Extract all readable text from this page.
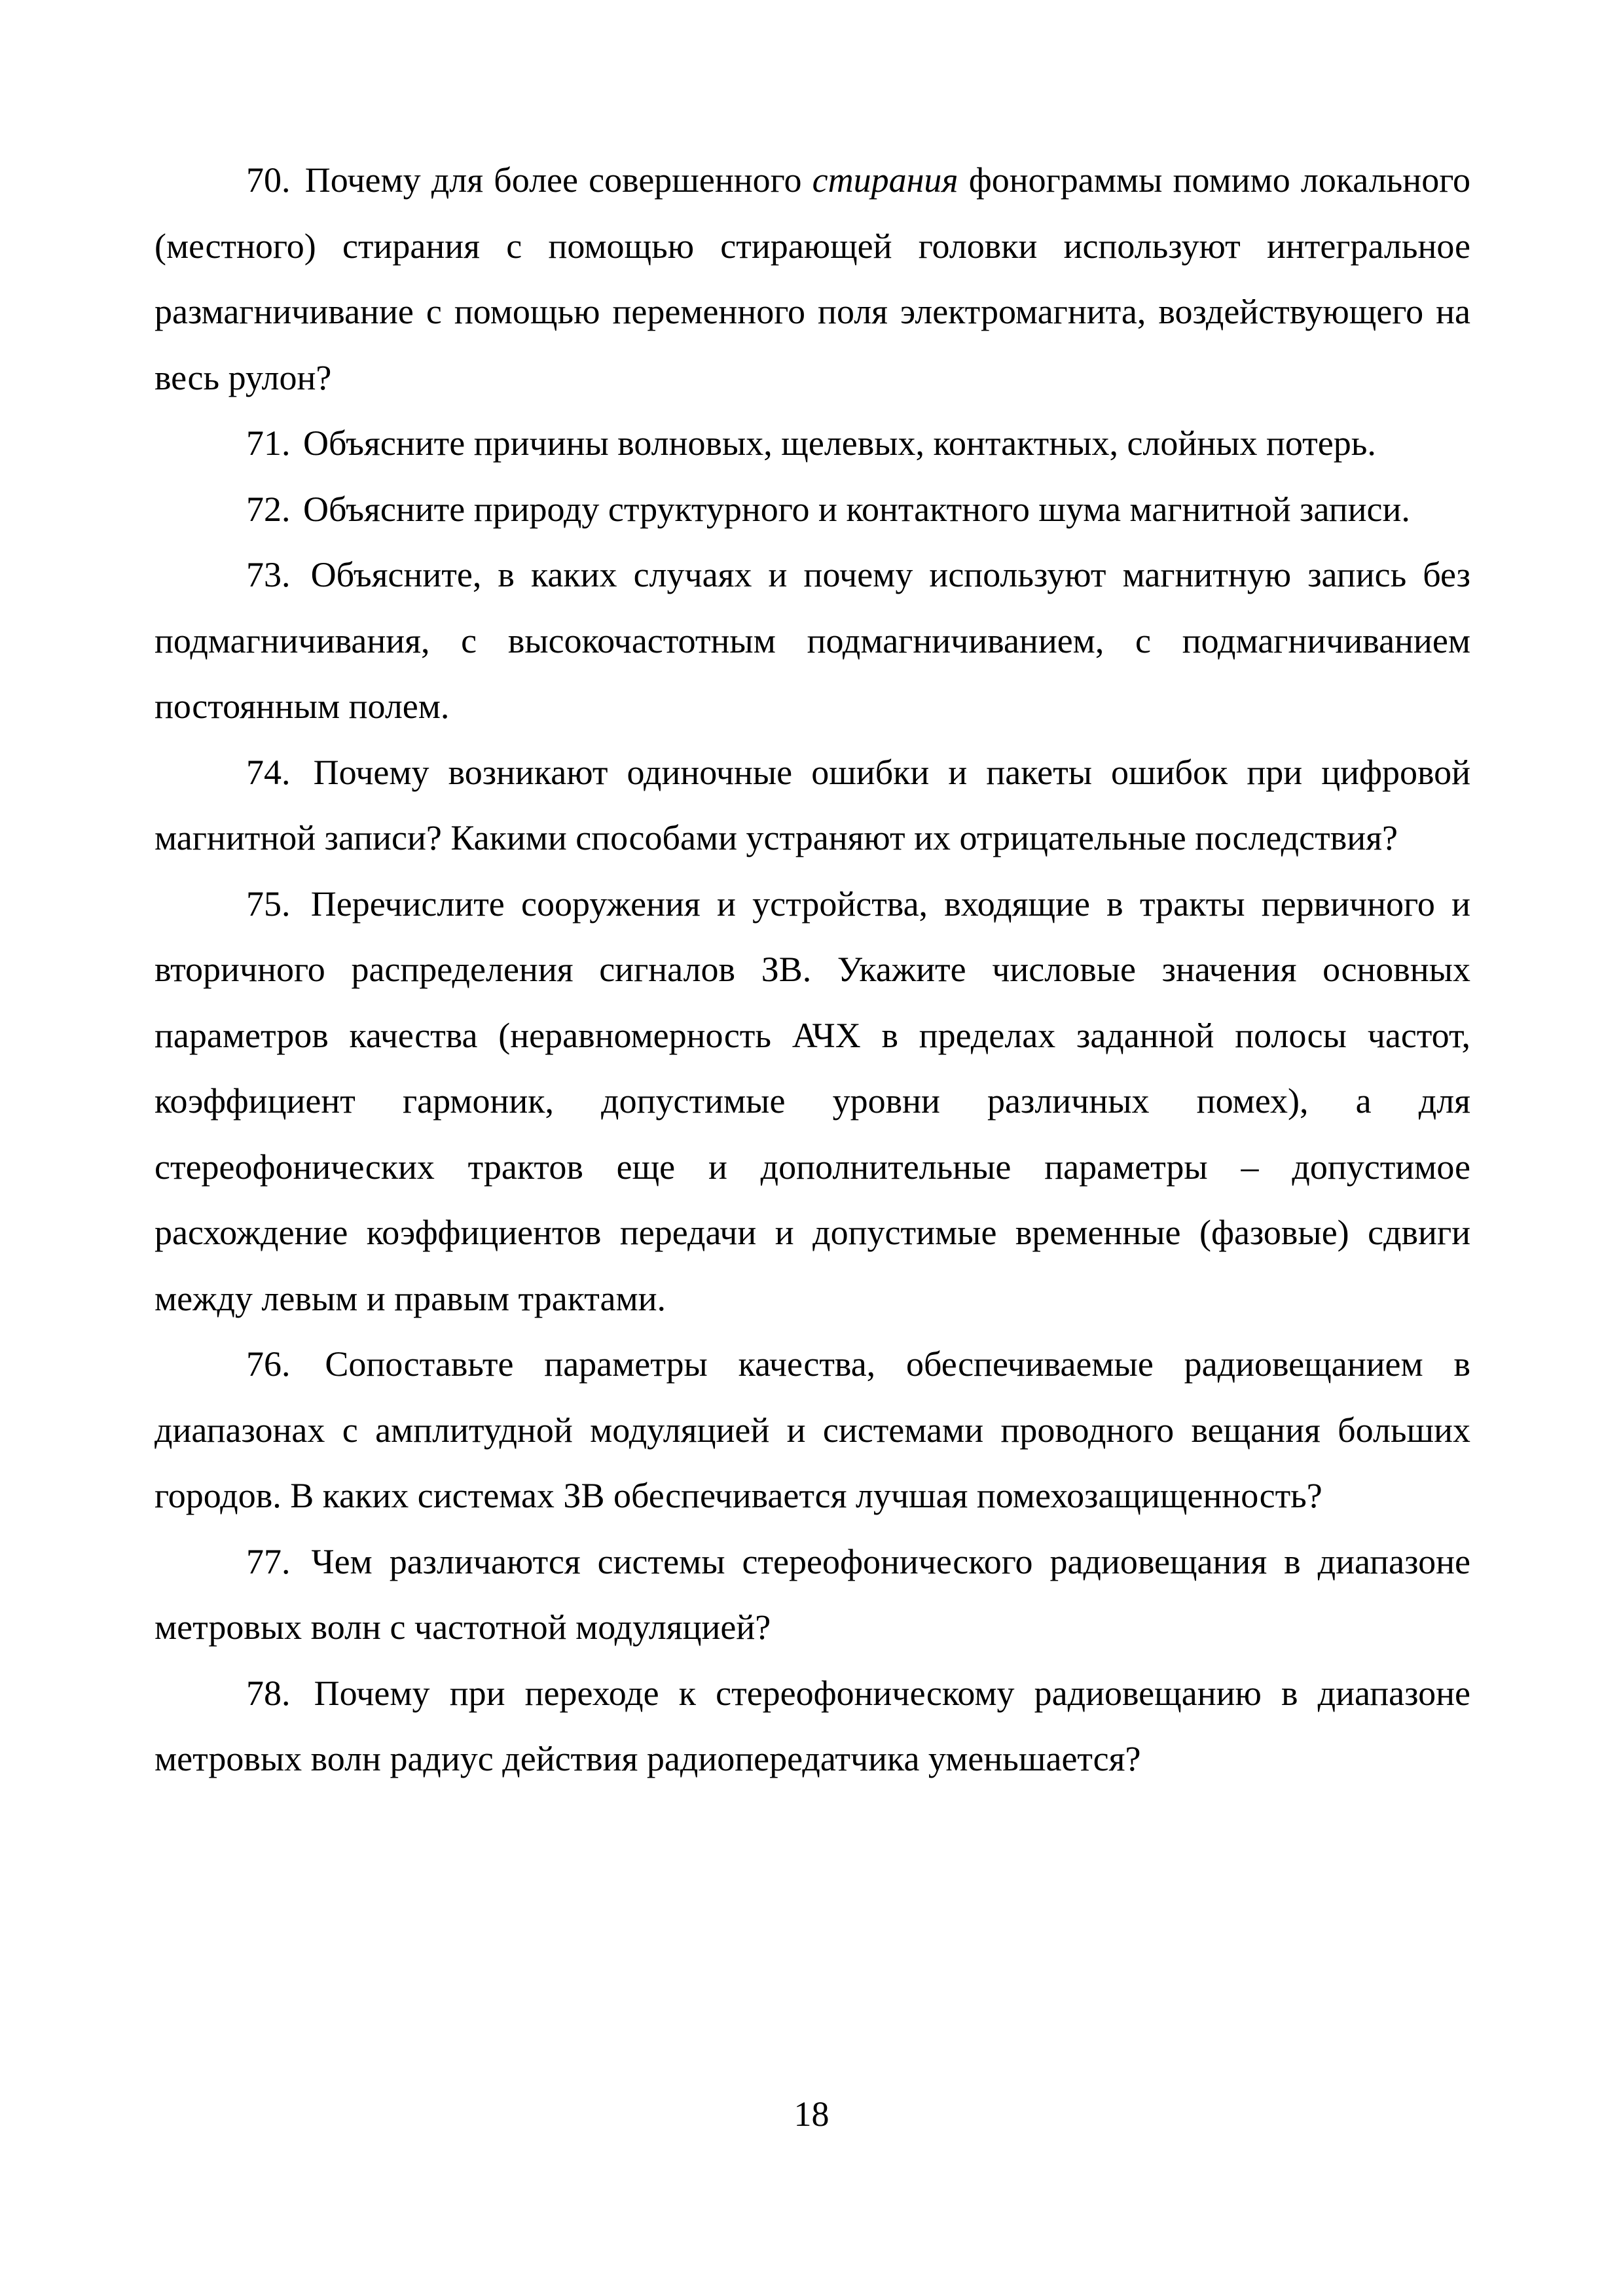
70. Почему для более совершенного стирания фонограммы помимо локального (местного) стирания с помощью стирающей головки используют интегральное размагничивание с помощью переменного поля электромагнита, воздействующего на весь рулон?

71. Объясните причины волновых, щелевых, контактных, слойных потерь.

72. Объясните природу структурного и контактного шума магнитной записи.

73. Объясните, в каких случаях и почему используют магнитную запись без подмагничивания, с высокочастотным подмагничиванием, с подмагничиванием постоянным полем.

74. Почему возникают одиночные ошибки и пакеты ошибок при цифровой магнитной записи? Какими способами устраняют их отрицательные последствия?

75. Перечислите сооружения и устройства, входящие в тракты первичного и вторичного распределения сигналов ЗВ. Укажите числовые значения основных параметров качества (неравномерность АЧХ в пределах заданной полосы частот, коэффициент гармоник, допустимые уровни различных помех), а для стереофонических трактов еще и дополнительные параметры – допустимое расхождение коэффициентов передачи и допустимые временные (фазовые) сдвиги между левым и правым трактами.

76. Сопоставьте параметры качества, обеспечиваемые радиовещанием в диапазонах с амплитудной модуляцией и системами проводного вещания больших городов. В каких системах ЗВ обеспечивается лучшая помехозащищенность?

77. Чем различаются системы стереофонического радиовещания в диапазоне метровых волн с частотной модуляцией?

78. Почему при переходе к стереофоническому радиовещанию в диапазоне метровых волн радиус действия радиопередатчика уменьшается?

18
